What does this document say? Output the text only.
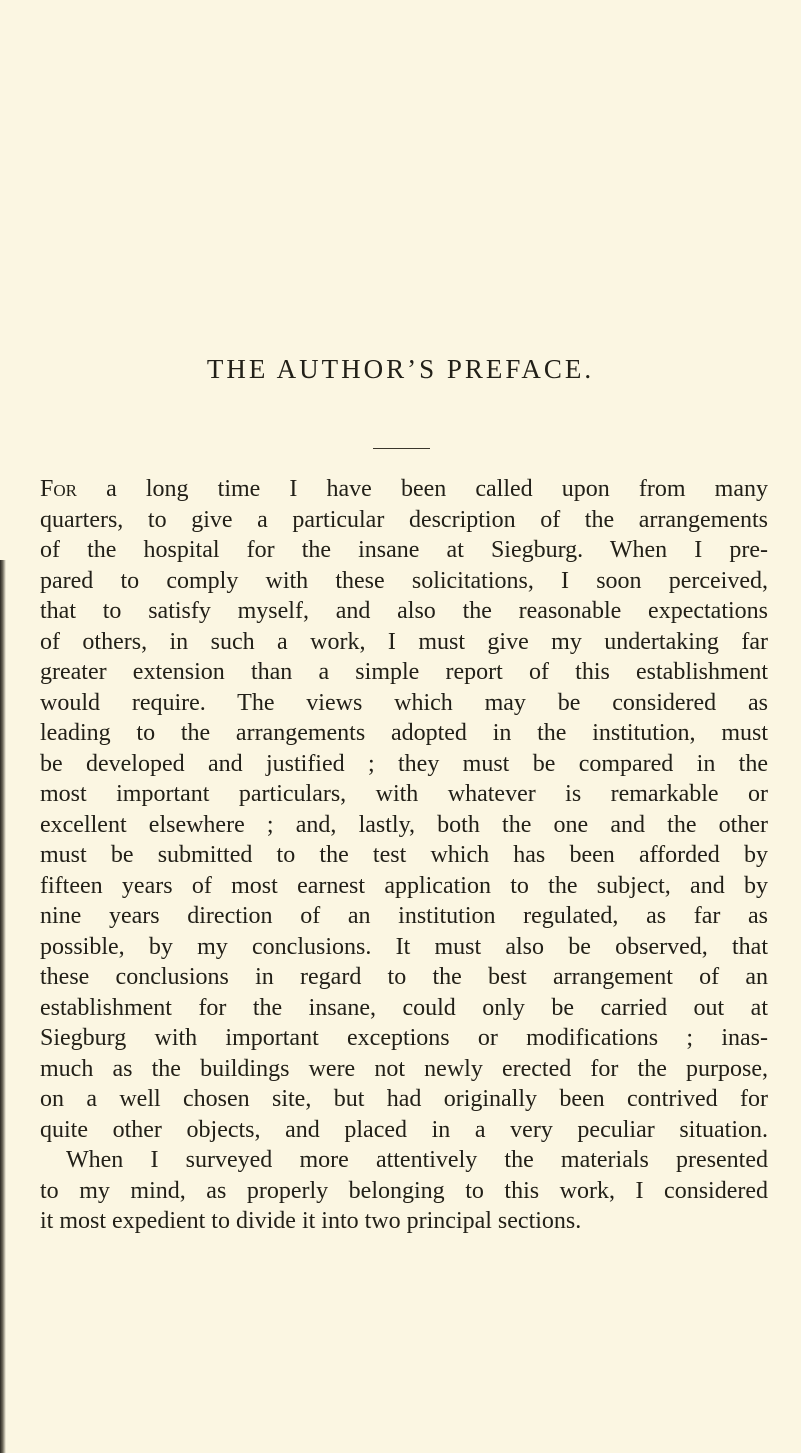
THE AUTHOR’S PREFACE.
For a long time I have been called upon from many
quarters, to give a particular description of the arrangements
of the hospital for the insane at Siegburg. When I pre-
pared to comply with these solicitations, I soon perceived,
that to satisfy myself, and also the reasonable expectations
of others, in such a work, I must give my undertaking far
greater extension than a simple report of this establishment
would require. The views which may be considered as
leading to the arrangements adopted in the institution, must
be developed and justified ; they must be compared in the
most important particulars, with whatever is remarkable or
excellent elsewhere ; and, lastly, both the one and the other
must be submitted to the test which has been afforded by
fifteen years of most earnest application to the subject, and by
nine years direction of an institution regulated, as far as
possible, by my conclusions. It must also be observed, that
these conclusions in regard to the best arrangement of an
establishment for the insane, could only be carried out at
Siegburg with important exceptions or modifications ; inas-
much as the buildings were not newly erected for the purpose,
on a well chosen site, but had originally been contrived for
quite other objects, and placed in a very peculiar situation.
When I surveyed more attentively the materials presented
to my mind, as properly belonging to this work, I considered
it most expedient to divide it into two principal sections.
